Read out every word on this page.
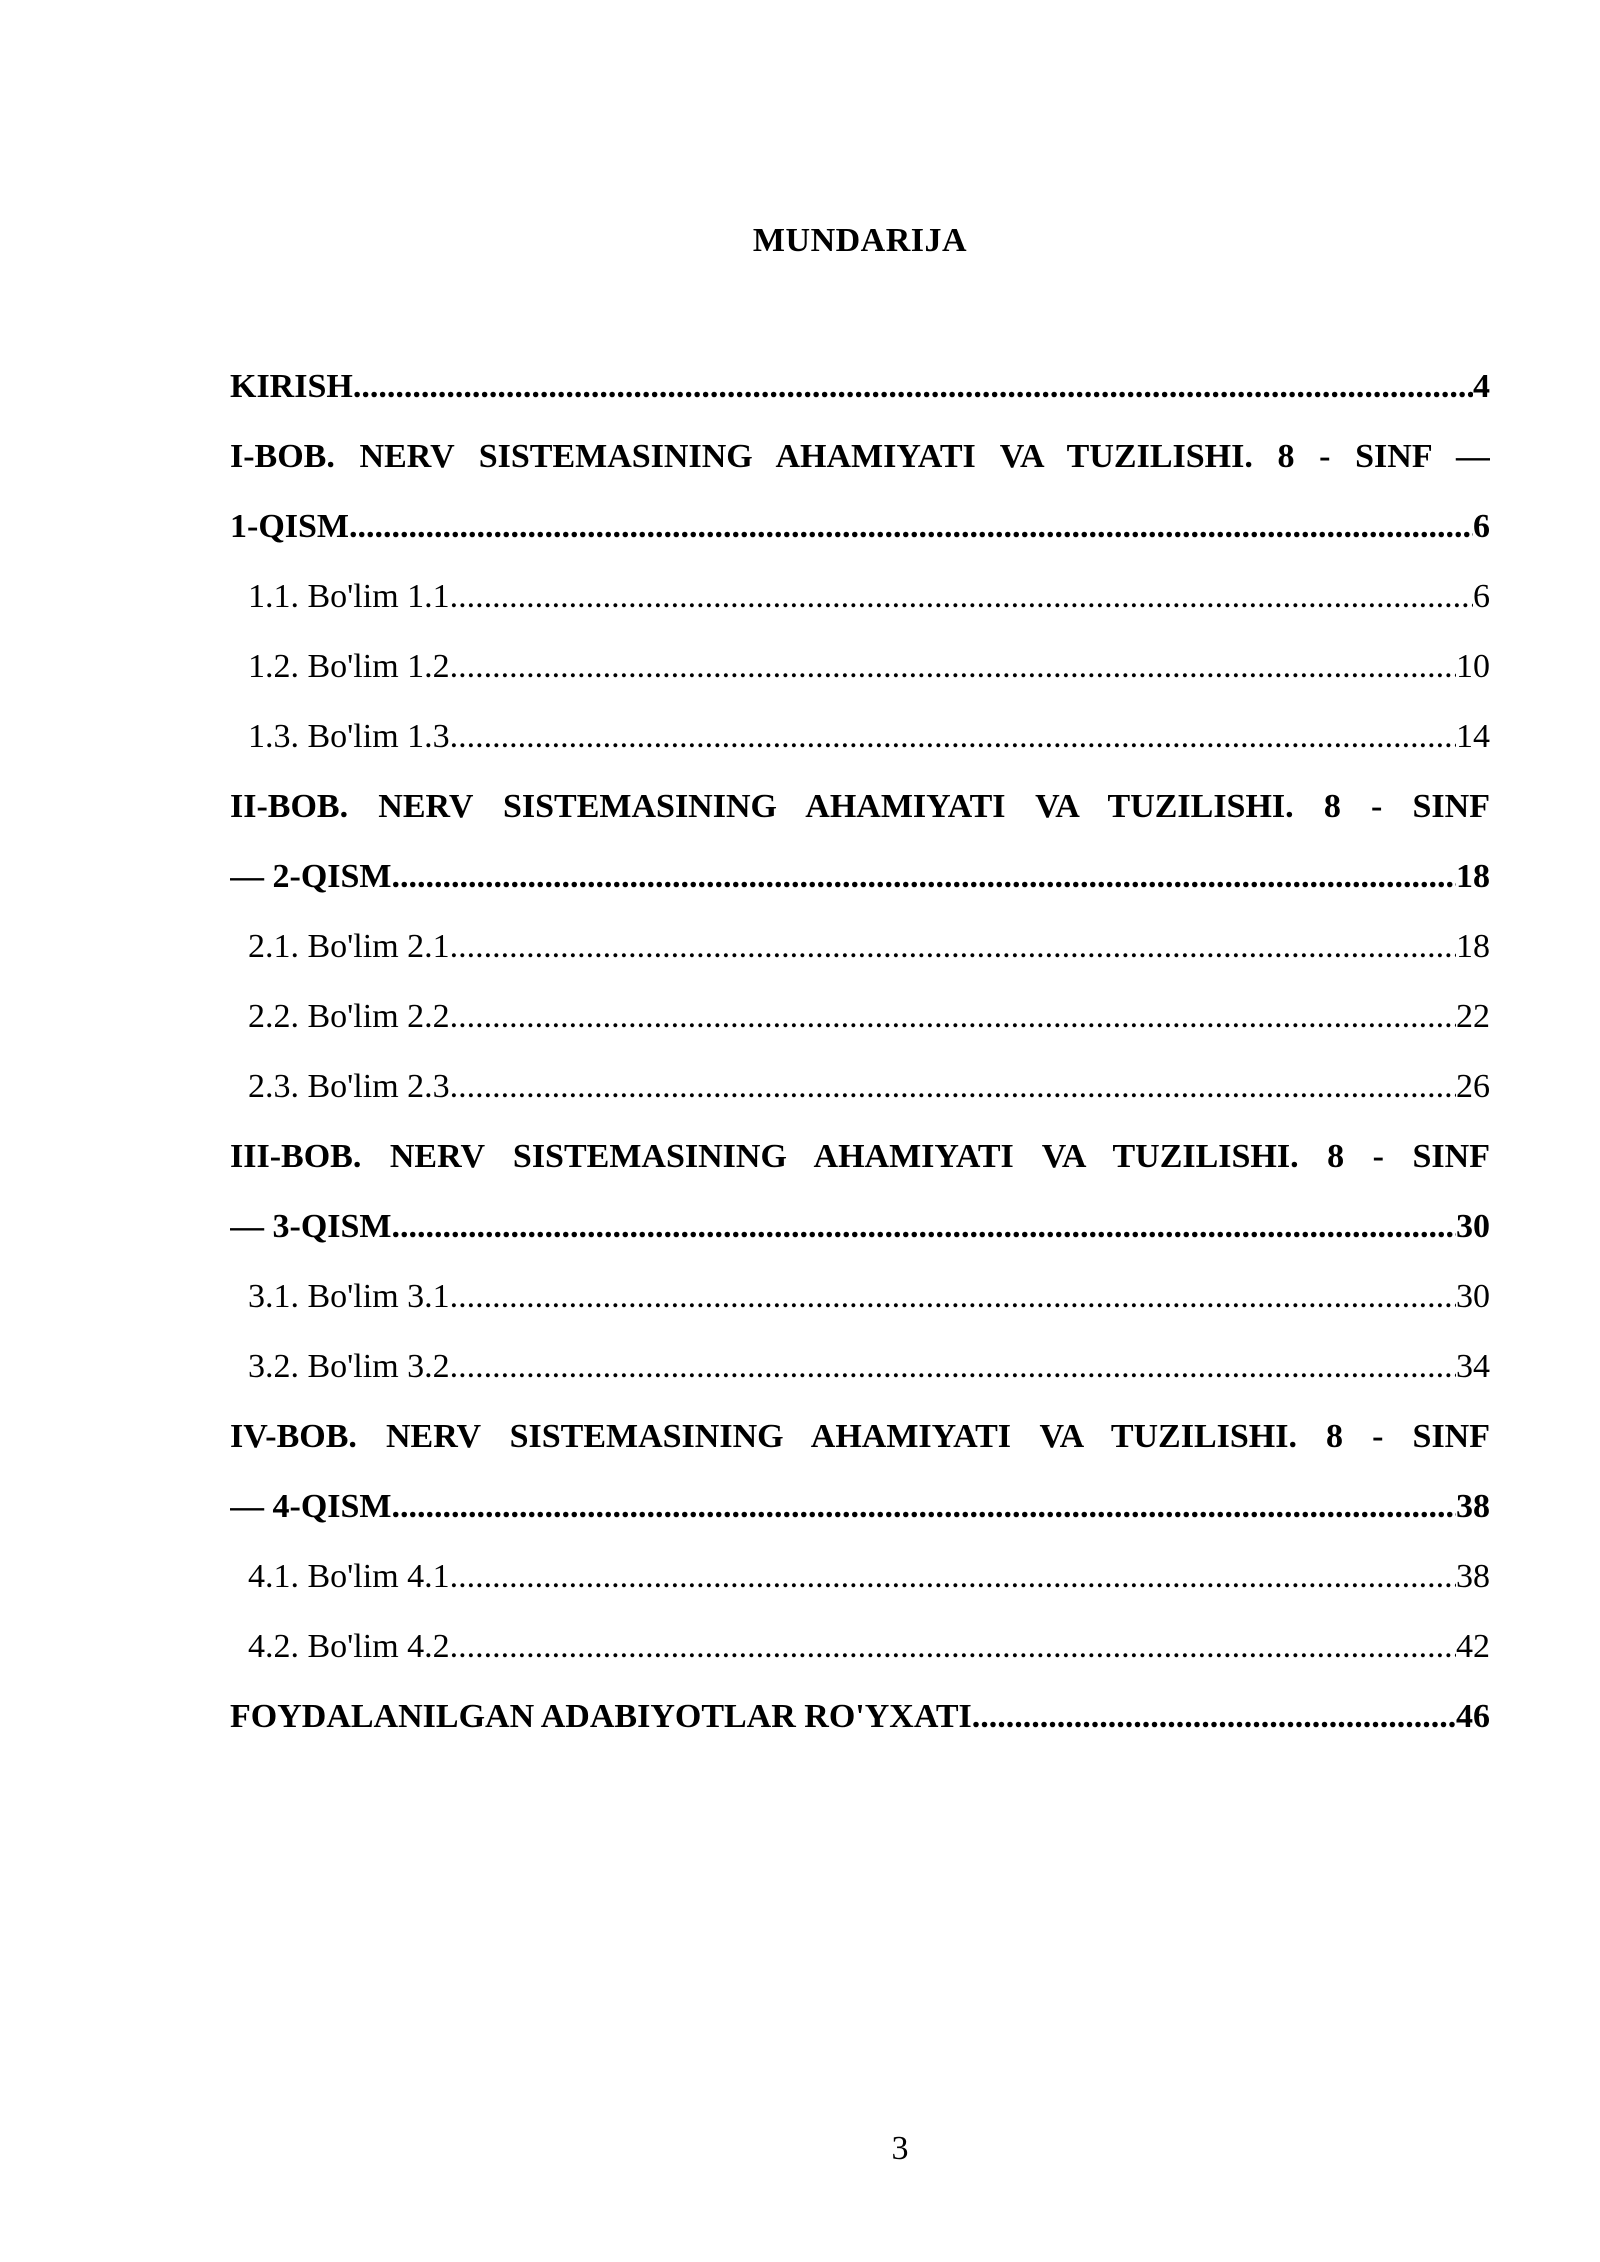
MUNDARIJA
KIRISH .....	4
I-BOB. NERV SISTEMASINING AHAMIYATI VA TUZILISHI. 8 - SINF —
1-QISM .....	6
1.1. Bo'lim 1.1 .....	6
1.2. Bo'lim 1.2 .....	10
1.3. Bo'lim 1.3 .....	14
II-BOB. NERV SISTEMASINING AHAMIYATI VA TUZILISHI. 8 - SINF
— 2-QISM .....	18
2.1. Bo'lim 2.1 .....	18
2.2. Bo'lim 2.2 .....	22
2.3. Bo'lim 2.3 .....	26
III-BOB. NERV SISTEMASINING AHAMIYATI VA TUZILISHI. 8 - SINF
— 3-QISM .....	30
3.1. Bo'lim 3.1 .....	30
3.2. Bo'lim 3.2 .....	34
IV-BOB. NERV SISTEMASINING AHAMIYATI VA TUZILISHI. 8 - SINF
— 4-QISM .....	38
4.1. Bo'lim 4.1 .....	38
4.2. Bo'lim 4.2 .....	42
FOYDALANILGAN ADABIYOTLAR RO'YXATI .....	46
3
